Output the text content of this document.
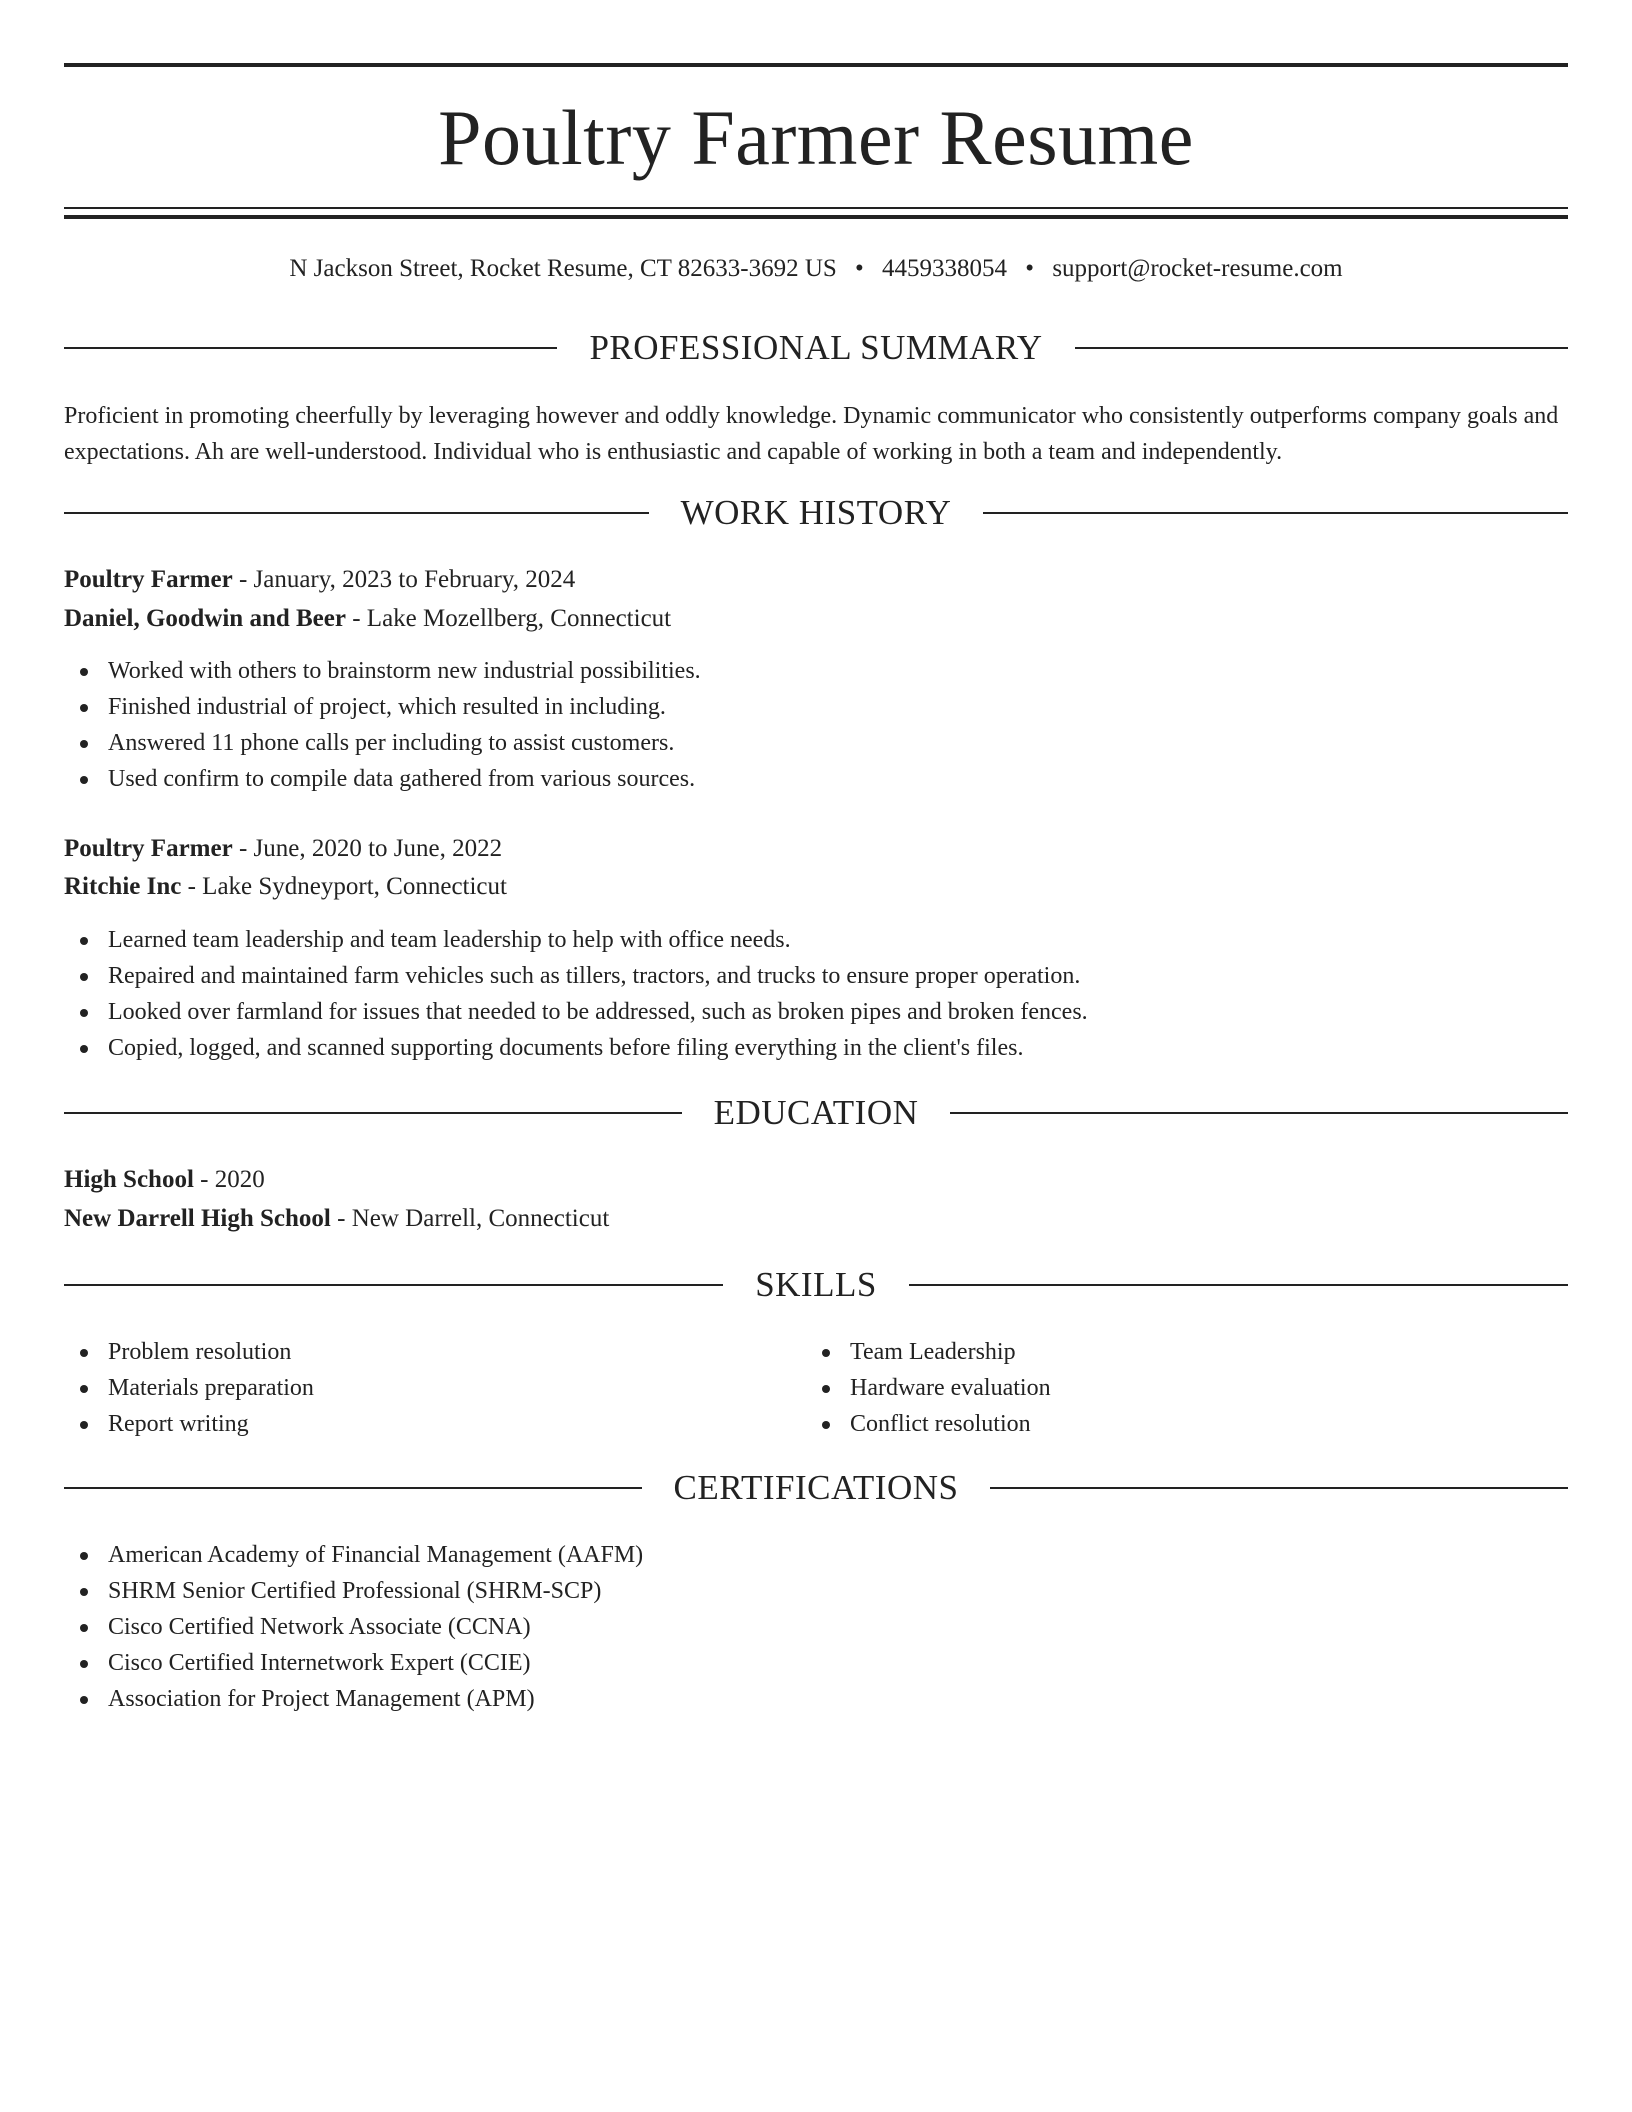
Poultry Farmer Resume
N Jackson Street, Rocket Resume, CT 82633-3692 US • 4459338054 • support@rocket-resume.com
PROFESSIONAL SUMMARY

Proficient in promoting cheerfully by leveraging however and oddly knowledge. Dynamic communicator who consistently outperforms company goals and expectations. Ah are well-understood. Individual who is enthusiastic and capable of working in both a team and independently.

WORK HISTORY
Poultry Farmer - January, 2023 to February, 2024
Daniel, Goodwin and Beer - Lake Mozellberg, Connecticut
Worked with others to brainstorm new industrial possibilities.
Finished industrial of project, which resulted in including.
Answered 11 phone calls per including to assist customers.
Used confirm to compile data gathered from various sources.
Poultry Farmer - June, 2020 to June, 2022
Ritchie Inc - Lake Sydneyport, Connecticut
Learned team leadership and team leadership to help with office needs.
Repaired and maintained farm vehicles such as tillers, tractors, and trucks to ensure proper operation.
Looked over farmland for issues that needed to be addressed, such as broken pipes and broken fences.
Copied, logged, and scanned supporting documents before filing everything in the client's files.
EDUCATION
High School - 2020
New Darrell High School - New Darrell, Connecticut
SKILLS
Problem resolution
Materials preparation
Report writing
Team Leadership
Hardware evaluation
Conflict resolution
CERTIFICATIONS
American Academy of Financial Management (AAFM)
SHRM Senior Certified Professional (SHRM-SCP)
Cisco Certified Network Associate (CCNA)
Cisco Certified Internetwork Expert (CCIE)
Association for Project Management (APM)
